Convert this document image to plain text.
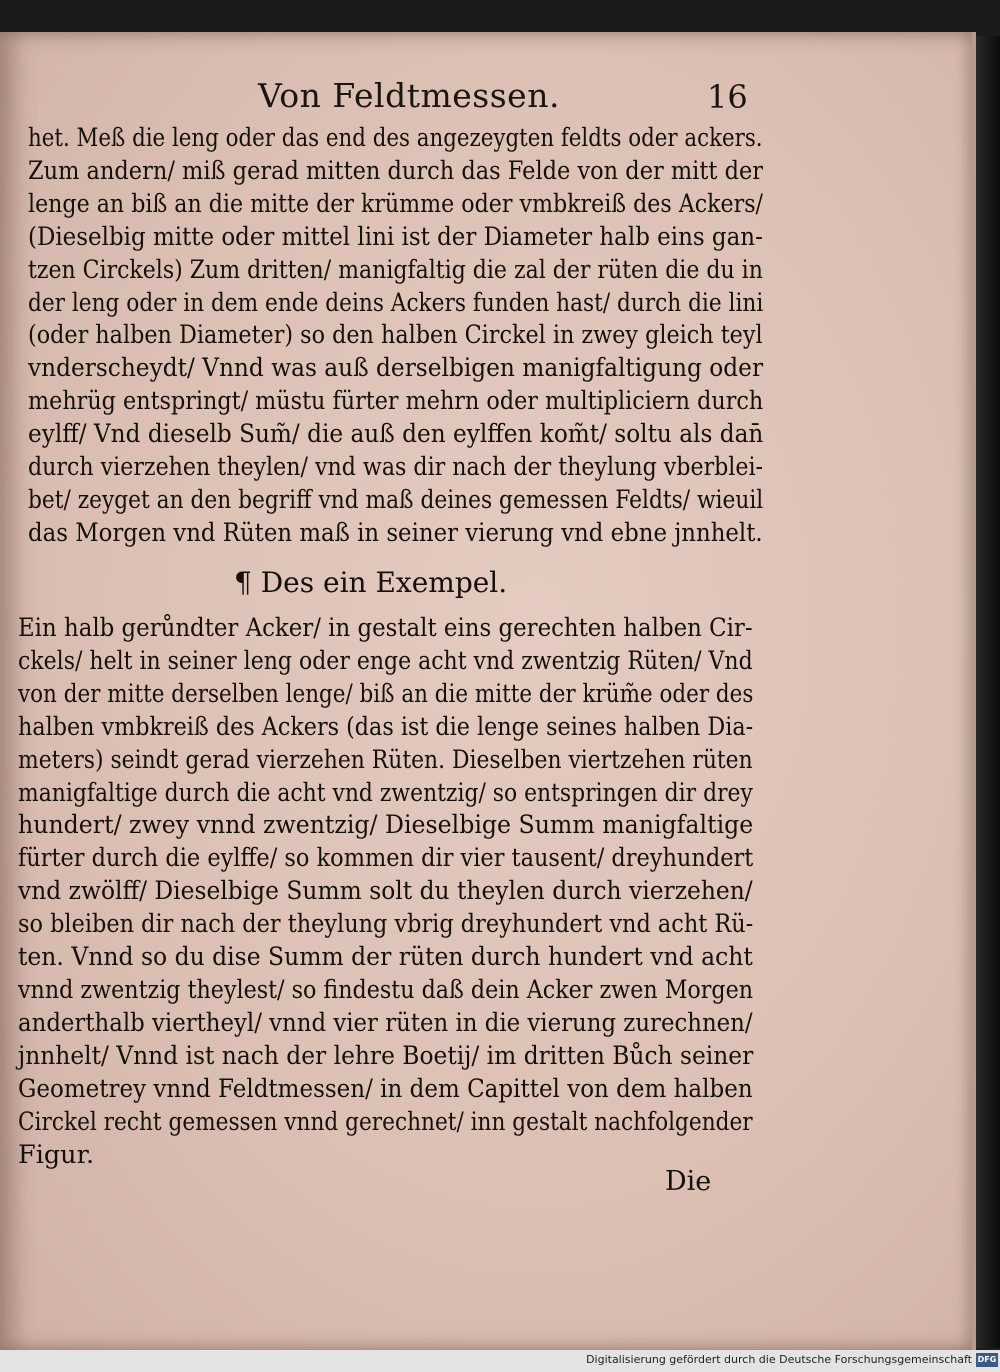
Von Feldtmessen.	16
het. Meß die leng oder das end des angezeygten feldts oder ackers.
Zum andern/ miß gerad mitten durch das Felde von der mitt der
lenge an biß an die mitte der krümme oder vmbkreiß des Ackers/
(Dieselbig mitte oder mittel lini ist der Diameter halb eins gan-
tzen Circkels) Zum dritten/ manigfaltig die zal der rüten die du in
der leng oder in dem ende deins Ackers funden hast/ durch die lini
(oder halben Diameter) so den halben Circkel in zwey gleich teyl
vnderscheydt/ Vnnd was auß derselbigen manigfaltigung oder
mehrüg entspringt/ müstu fürter mehrn oder multipliciern durch
eylff/ Vnd dieselb Sum̃/ die auß den eylffen kom̃t/ soltu als dan̄
durch vierzehen theylen/ vnd was dir nach der theylung vberblei-
bet/ zeyget an den begriff vnd maß deines gemessen Feldts/ wieuil
das Morgen vnd Rüten maß in seiner vierung vnd ebne jnnhelt.
¶ Des ein Exempel.
Ein halb gerůndter Acker/ in gestalt eins gerechten halben Cir-
ckels/ helt in seiner leng oder enge acht vnd zwentzig Rüten/ Vnd
von der mitte derselben lenge/ biß an die mitte der krüm̃e oder des
halben vmbkreiß des Ackers (das ist die lenge seines halben Dia-
meters) seindt gerad vierzehen Rüten. Dieselben viertzehen rüten
manigfaltige durch die acht vnd zwentzig/ so entspringen dir drey
hundert/ zwey vnnd zwentzig/ Dieselbige Summ manigfaltige
fürter durch die eylffe/ so kommen dir vier tausent/ dreyhundert
vnd zwölff/ Dieselbige Summ solt du theylen durch vierzehen/
so bleiben dir nach der theylung vbrig dreyhundert vnd acht Rü-
ten. Vnnd so du dise Summ der rüten durch hundert vnd acht
vnnd zwentzig theylest/ so findestu daß dein Acker zwen Morgen
anderthalb viertheyl/ vnnd vier rüten in die vierung zurechnen/
jnnhelt/ Vnnd ist nach der lehre Boetij/ im dritten Bůch seiner
Geometrey vnnd Feldtmessen/ in dem Capittel von dem halben
Circkel recht gemessen vnnd gerechnet/ inn gestalt nachfolgender
Figur.
Die
Digitalisierung gefördert durch die Deutsche Forschungsgemeinschaft DFG
